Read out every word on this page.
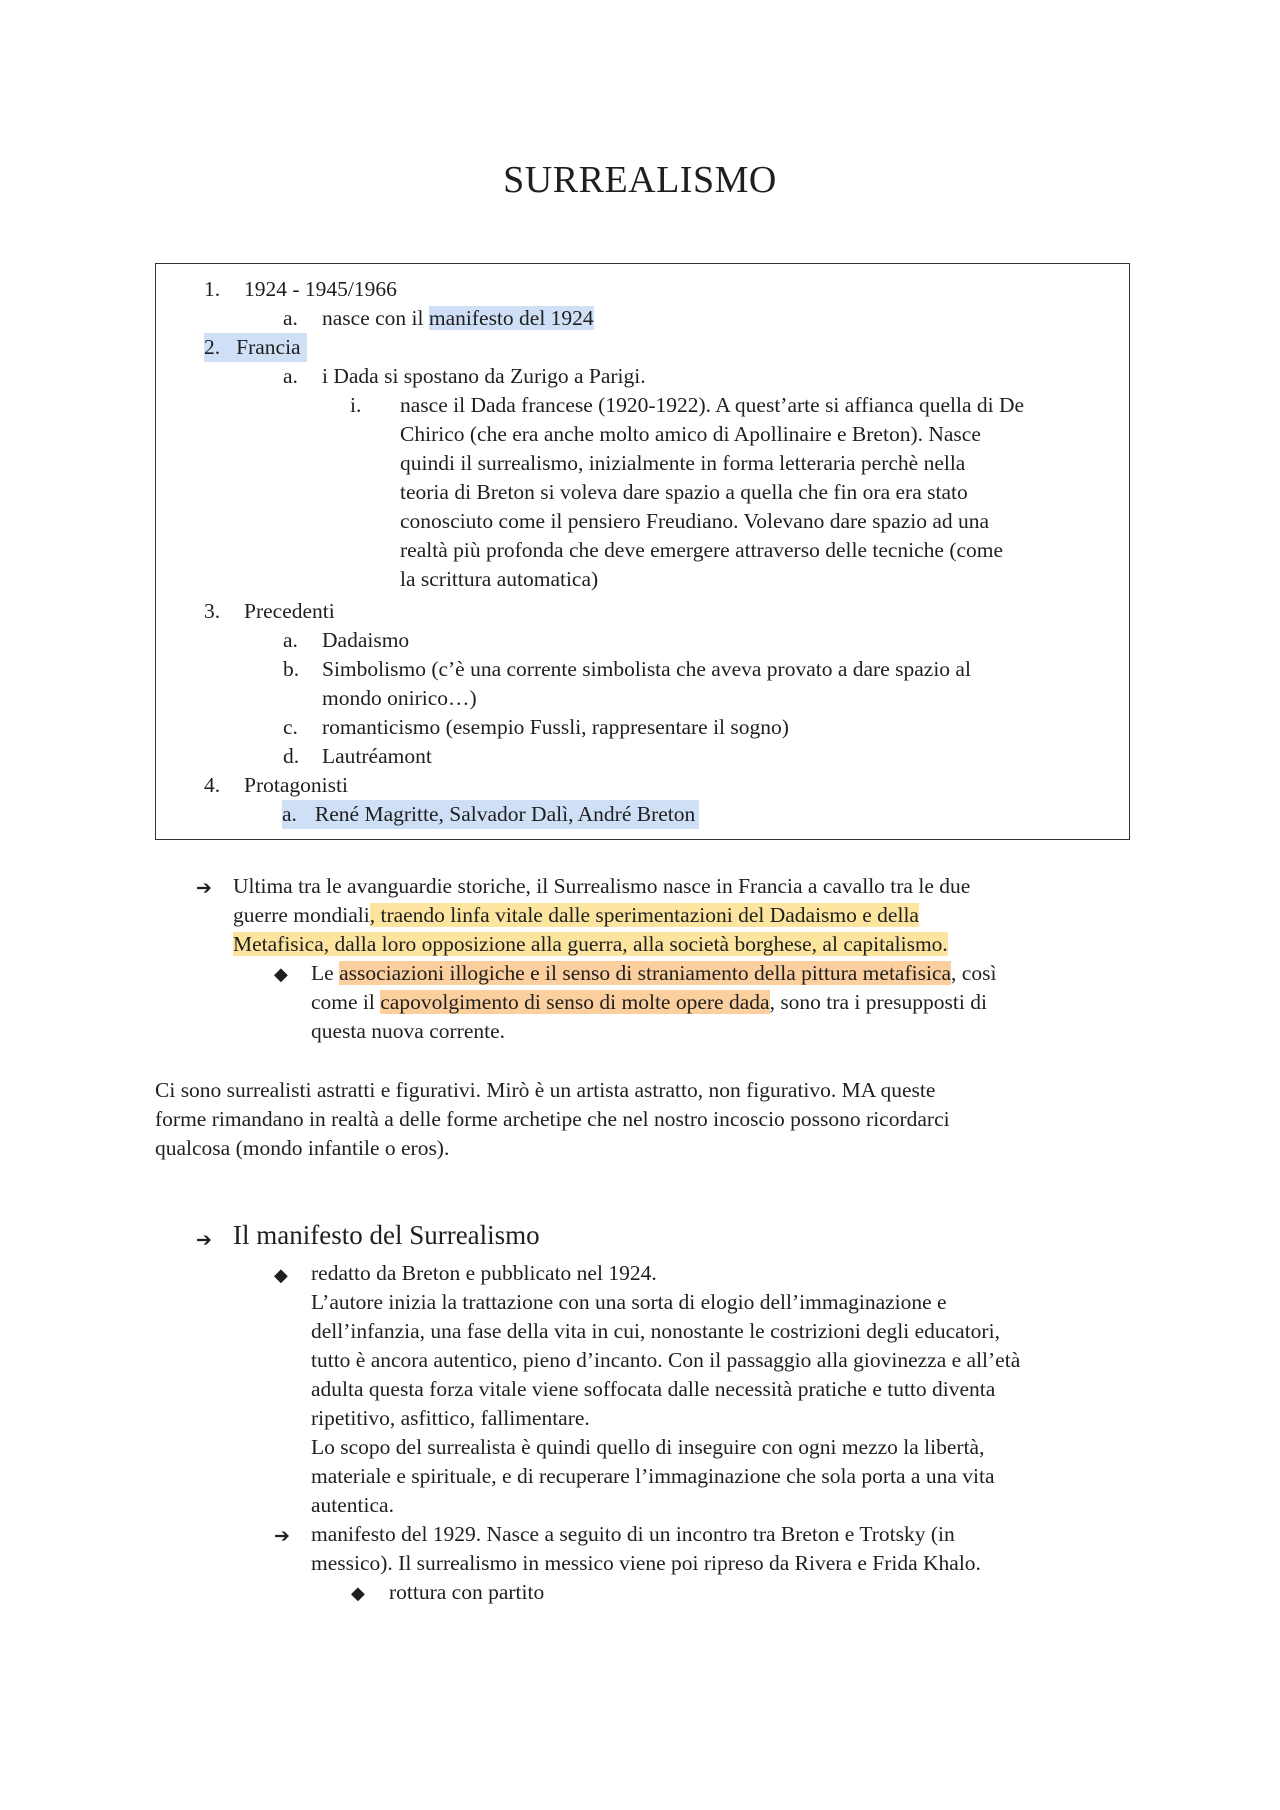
SURREALISMO
1. 1924 - 1945/1966
a. nasce con il manifesto del 1924
2. Francia
a. i Dada si spostano da Zurigo a Parigi.
i. nasce il Dada francese (1920-1922). A quest’arte si affianca quella di De
Chirico (che era anche molto amico di Apollinaire e Breton). Nasce
quindi il surrealismo, inizialmente in forma letteraria perchè nella
teoria di Breton si voleva dare spazio a quella che fin ora era stato
conosciuto come il pensiero Freudiano. Volevano dare spazio ad una
realtà più profonda che deve emergere attraverso delle tecniche (come
la scrittura automatica)
3. Precedenti
a. Dadaismo
b. Simbolismo (c’è una corrente simbolista che aveva provato a dare spazio al
mondo onirico…)
c. romanticismo (esempio Fussli, rappresentare il sogno)
d. Lautréamont
4. Protagonisti
a. René Magritte, Salvador Dalì, André Breton
➔ Ultima tra le avanguardie storiche, il Surrealismo nasce in Francia a cavallo tra le due
guerre mondiali, traendo linfa vitale dalle sperimentazioni del Dadaismo e della
Metafisica, dalla loro opposizione alla guerra, alla società borghese, al capitalismo.
◆ Le associazioni illogiche e il senso di straniamento della pittura metafisica, così
come il capovolgimento di senso di molte opere dada, sono tra i presupposti di
questa nuova corrente.
Ci sono surrealisti astratti e figurativi. Mirò è un artista astratto, non figurativo. MA queste
forme rimandano in realtà a delle forme archetipe che nel nostro incoscio possono ricordarci
qualcosa (mondo infantile o eros).
➔ Il manifesto del Surrealismo
◆ redatto da Breton e pubblicato nel 1924.
L’autore inizia la trattazione con una sorta di elogio dell’immaginazione e
dell’infanzia, una fase della vita in cui, nonostante le costrizioni degli educatori,
tutto è ancora autentico, pieno d’incanto. Con il passaggio alla giovinezza e all’età
adulta questa forza vitale viene soffocata dalle necessità pratiche e tutto diventa
ripetitivo, asfittico, fallimentare.
Lo scopo del surrealista è quindi quello di inseguire con ogni mezzo la libertà,
materiale e spirituale, e di recuperare l’immaginazione che sola porta a una vita
autentica.
➔ manifesto del 1929. Nasce a seguito di un incontro tra Breton e Trotsky (in
messico). Il surrealismo in messico viene poi ripreso da Rivera e Frida Khalo.
◆ rottura con partito
